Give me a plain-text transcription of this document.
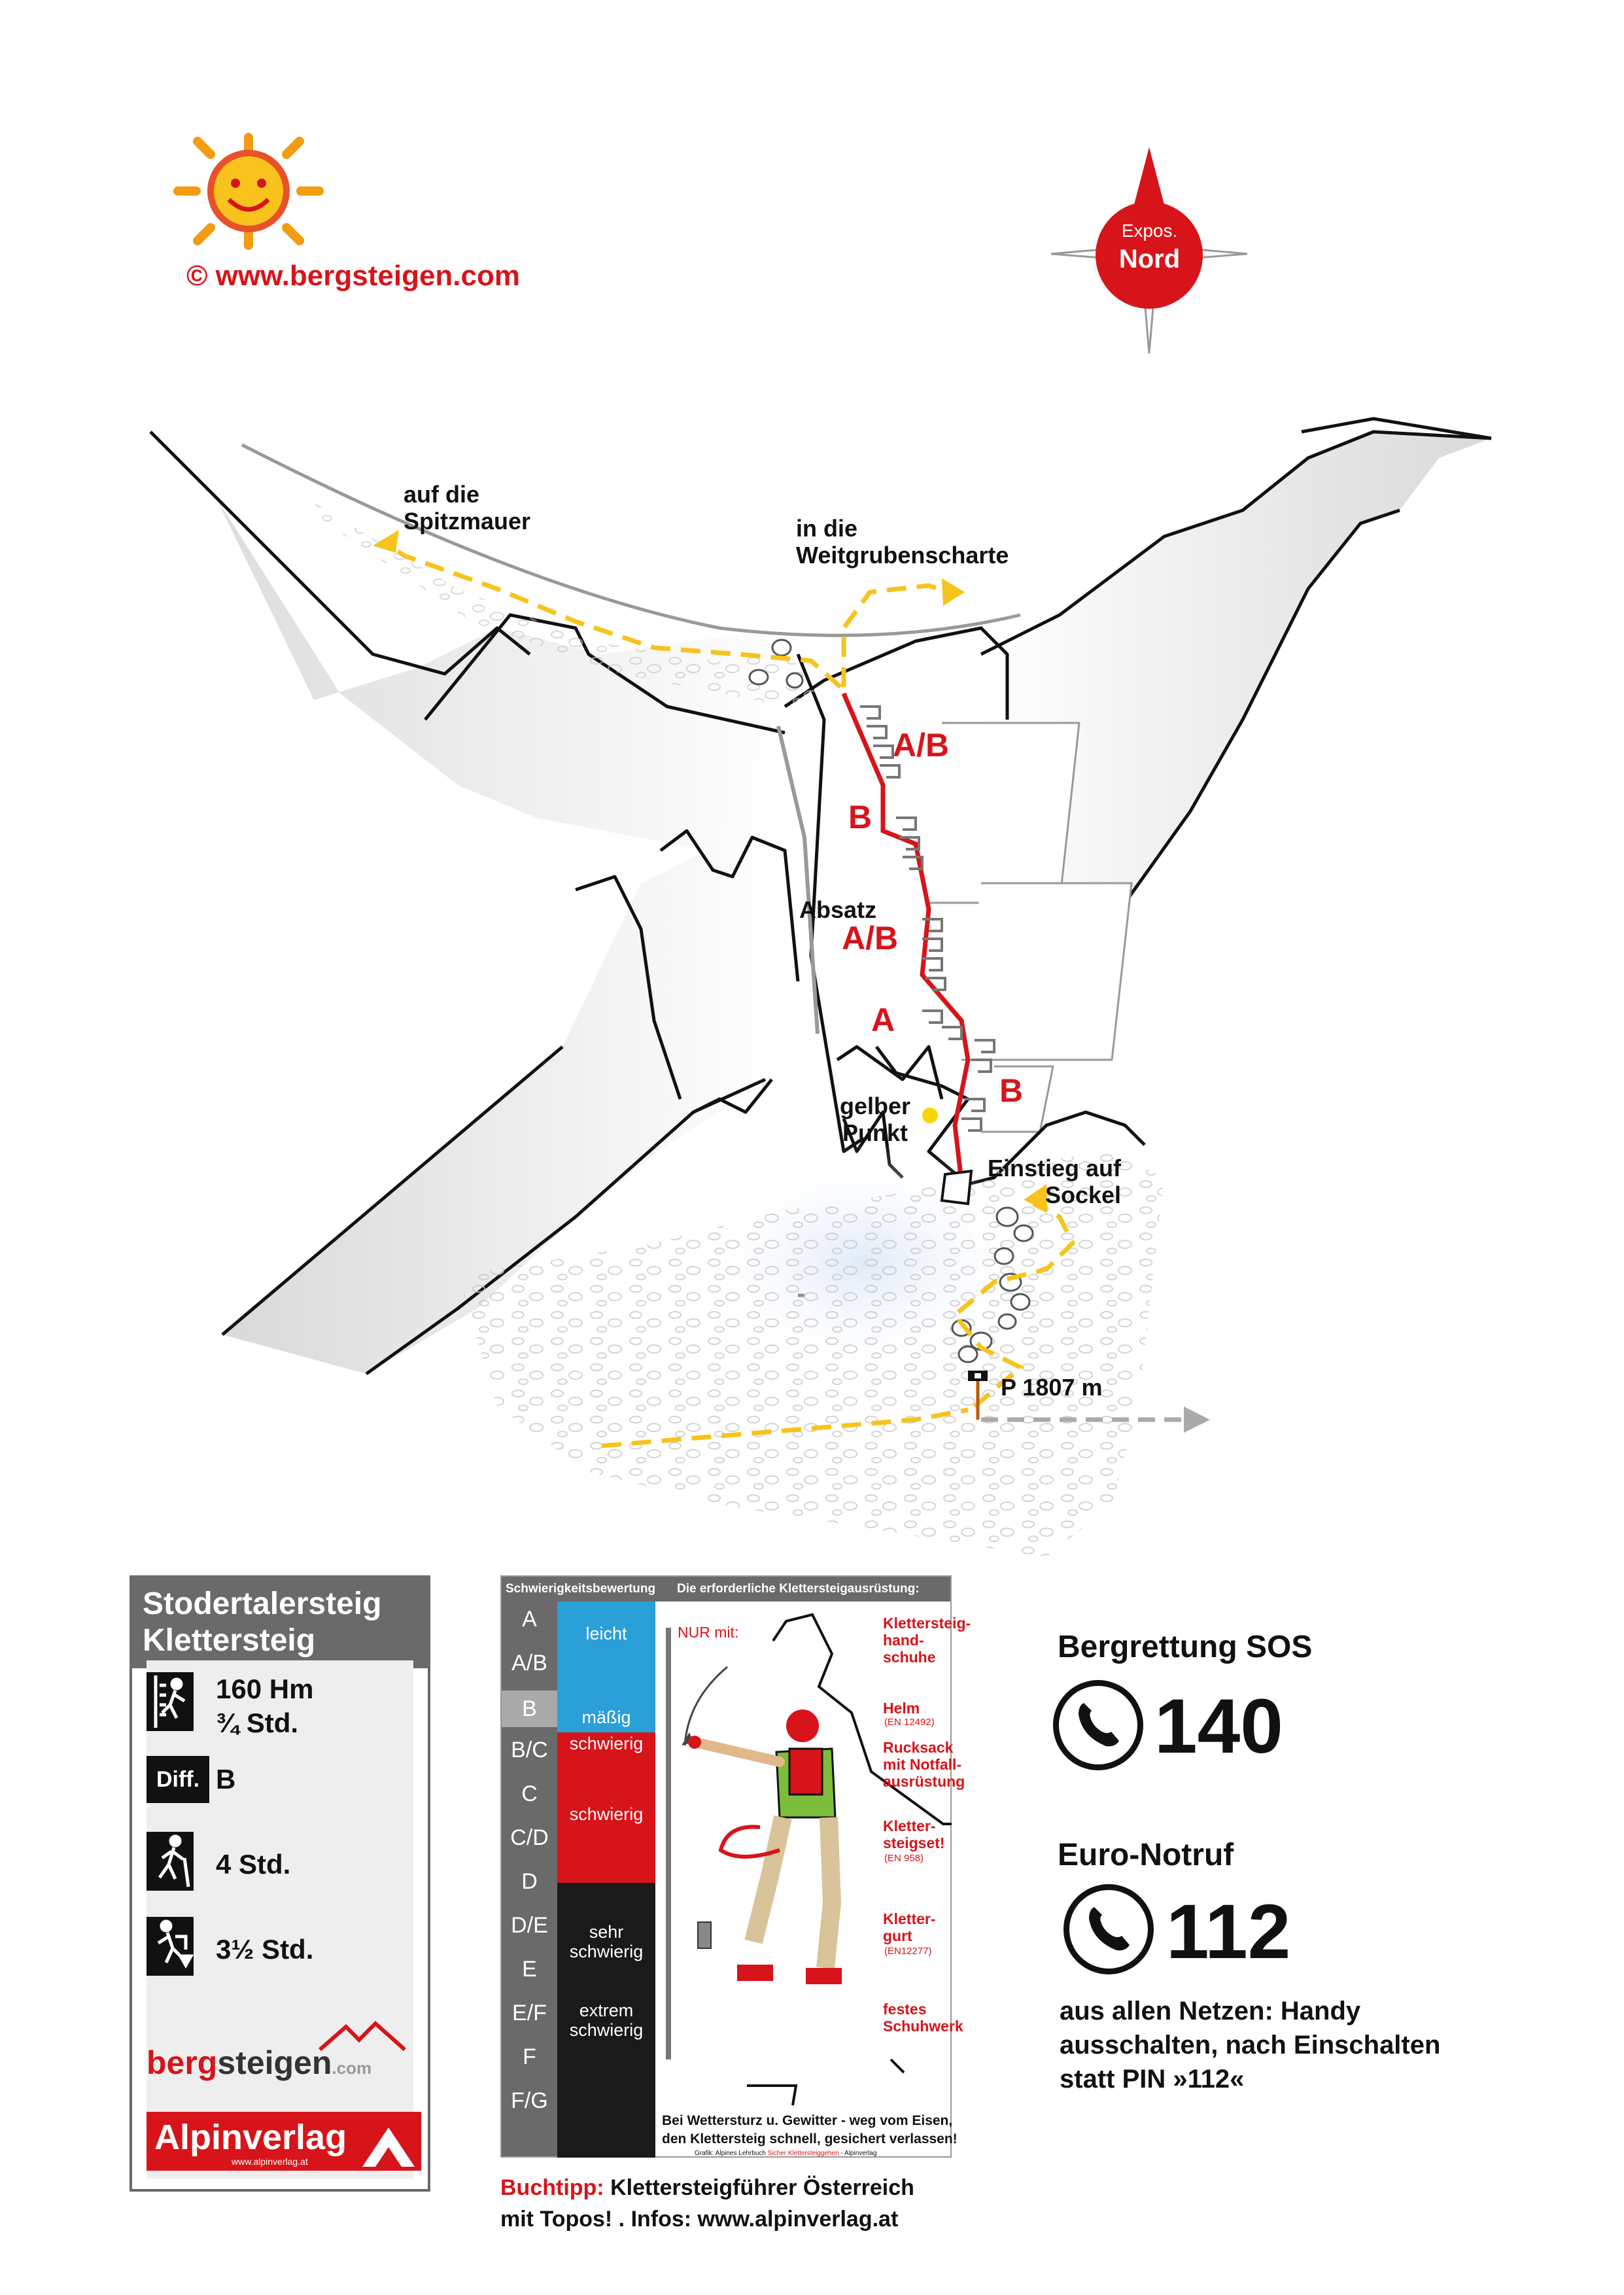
© www.bergsteigen.com
Expos.
Nord
auf die
Spitzmauer	in die
Weitgrubenscharte
Absatz
gelber
Punkt
Einstieg auf
Sockel
P 1807 m
A/B
B
A/B
A
B
Stodertalersteig
Klettersteig
160 Hm
¾ Std.
Diff. B
4 Std.
3½ Std.
bergsteigen.com
Alpinverlag
www.alpinverlag.at
Schwierigkeitsbewertung Die erforderliche Klettersteigausrüstung:
A
A/B
B
B/C
C
C/D
D
D/E
E
E/F
F
F/G
leicht
mäßig
schwierig
schwierig
sehr
schwierig
extrem
schwierig
NUR mit:
Klettersteig-
hand-
schuhe
Helm
(EN 12492)
Rucksack
mit Notfall-
ausrüstung
Kletter-
steigset!
(EN 958)
Kletter-
gurt
(EN12277)
festes
Schuhwerk
Bei Wettersturz u. Gewitter - weg vom Eisen,
den Klettersteig schnell, gesichert verlassen!
Grafik: Alpines Lehrbuch Sicher Klettersteiggehen - Alpinverlag
Buchtipp: Klettersteigführer Österreich
mit Topos! . Infos: www.alpinverlag.at
Bergrettung SOS
140
Euro-Notruf
112
aus allen Netzen: Handy
ausschalten, nach Einschalten
statt PIN »112«
